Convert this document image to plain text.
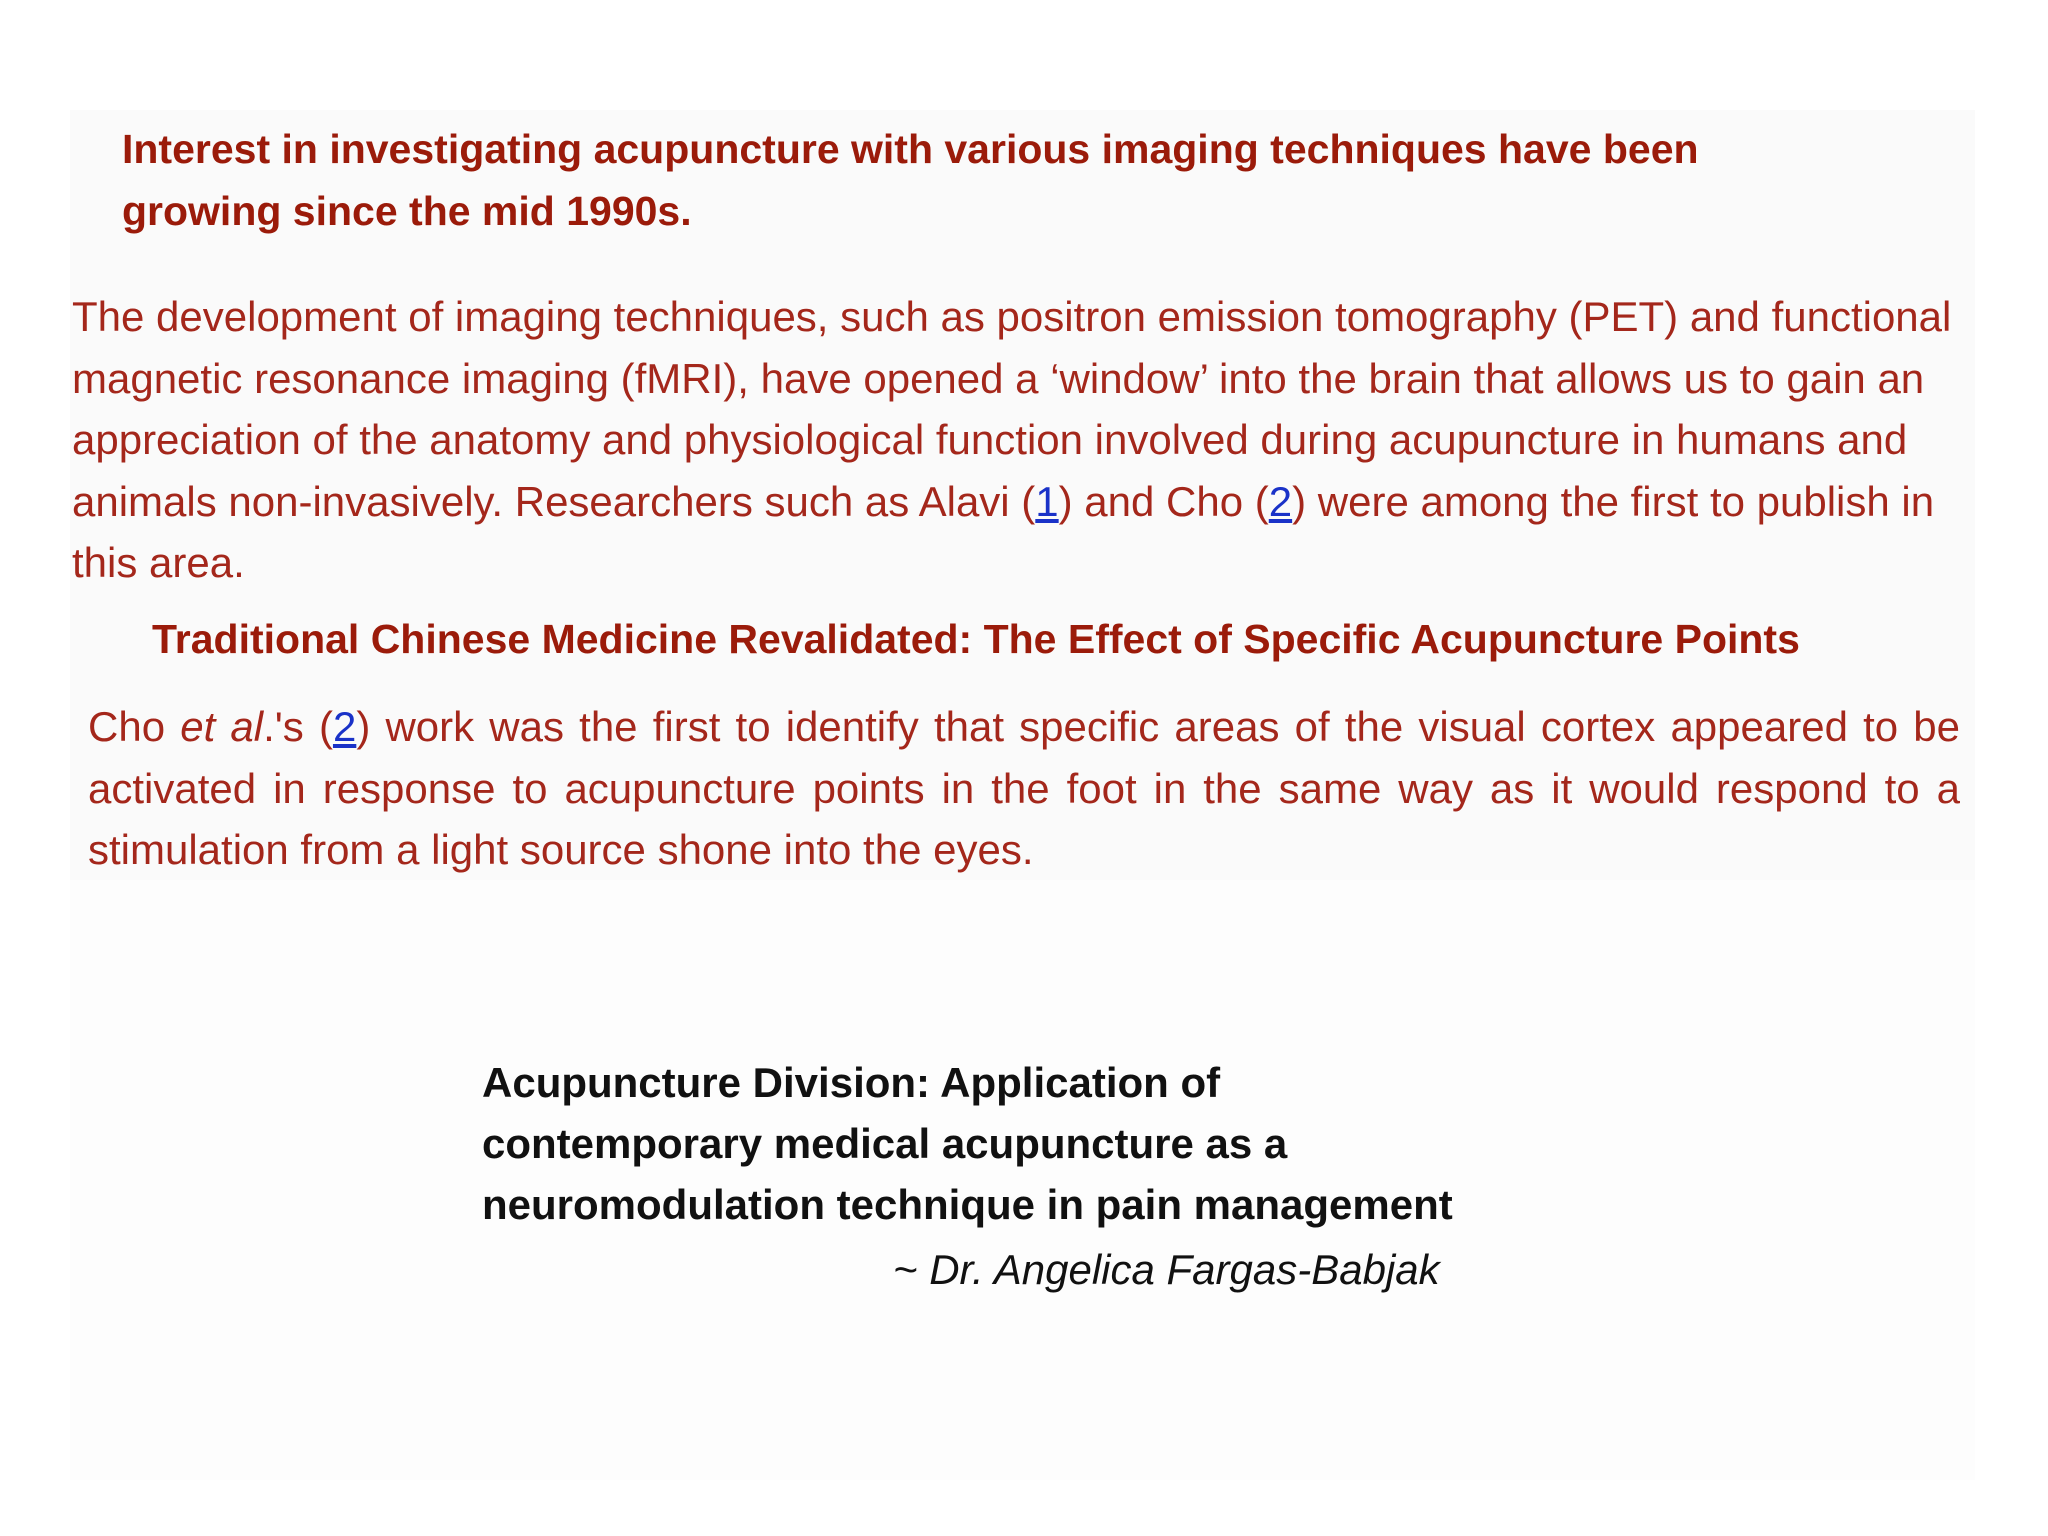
Interest in investigating acupuncture with various imaging techniques have been
growing since the mid 1990s.

The development of imaging techniques, such as positron emission tomography (PET) and functional magnetic resonance imaging (fMRI), have opened a ‘window’ into the brain that allows us to gain an appreciation of the anatomy and physiological function involved during acupuncture in humans and animals non-invasively. Researchers such as Alavi (1) and Cho (2) were among the first to publish in this area.

Traditional Chinese Medicine Revalidated: The Effect of Specific Acupuncture Points

Cho et al.'s (2) work was the first to identify that specific areas of the visual cortex appeared to be activated in response to acupuncture points in the foot in the same way as it would respond to a stimulation from a light source shone into the eyes.

Acupuncture Division: Application of
contemporary medical acupuncture as a
neuromodulation technique in pain management

~ Dr. Angelica Fargas-Babjak
